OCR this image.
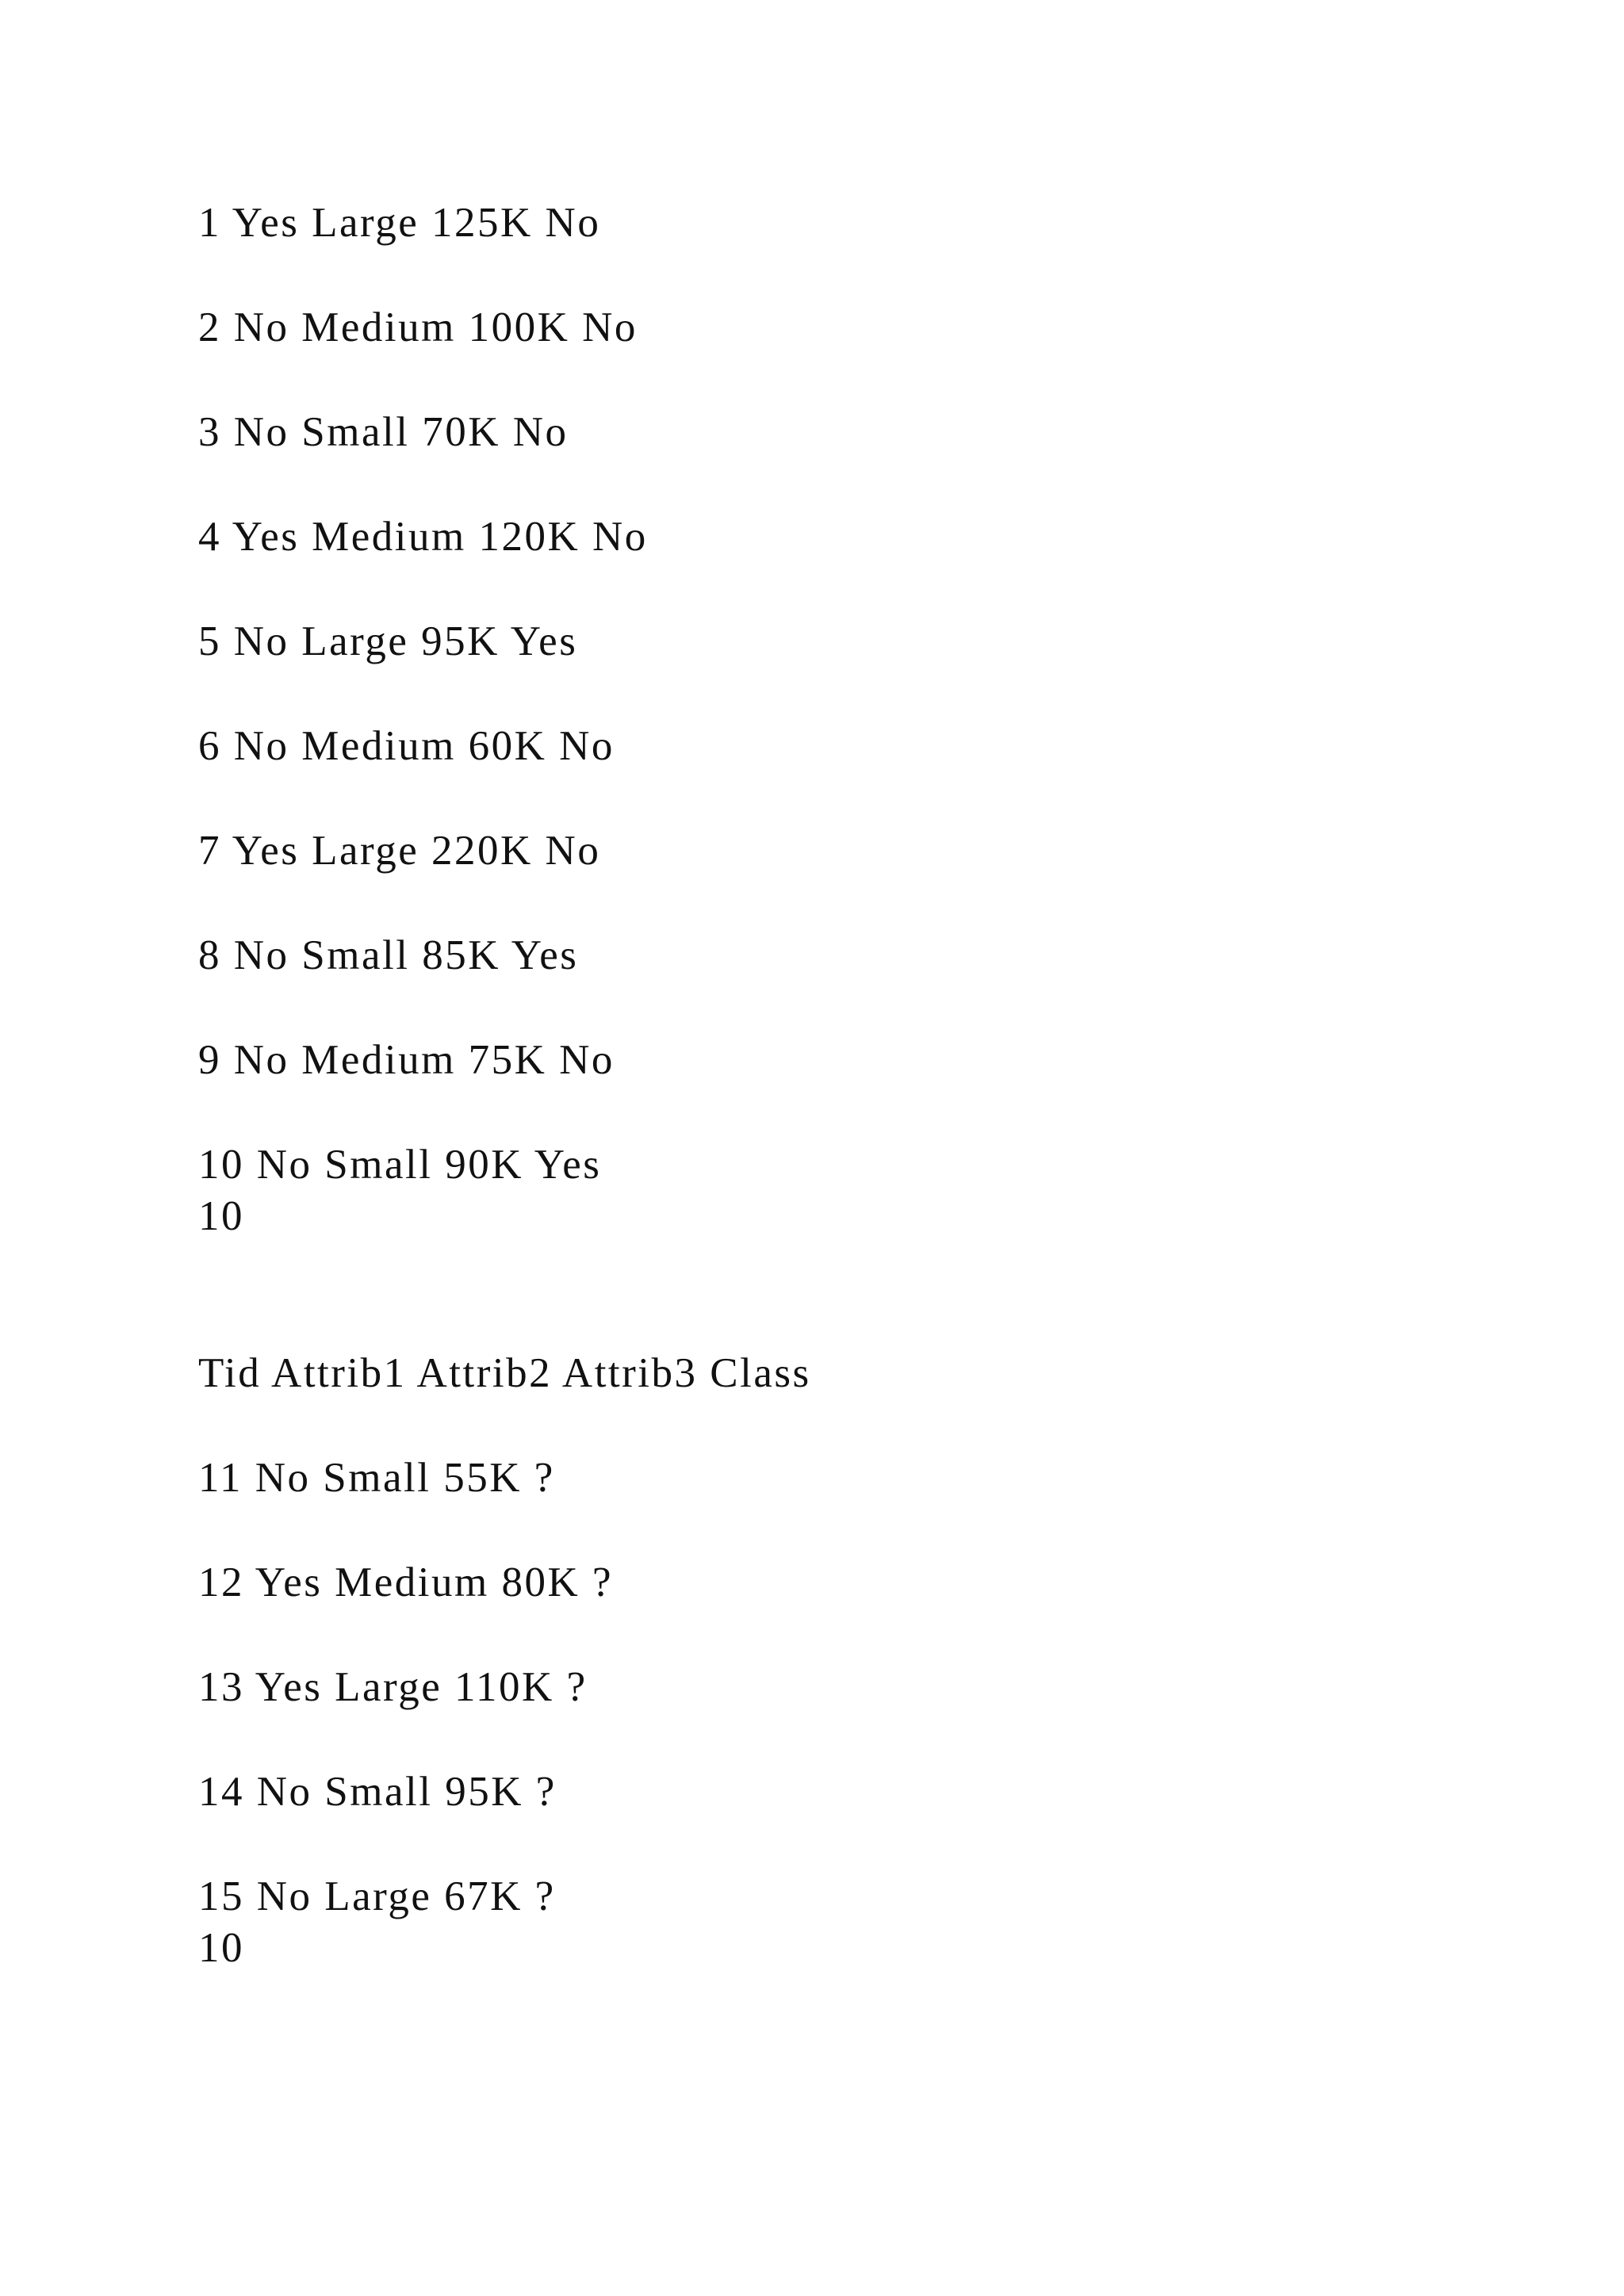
1 Yes Large 125K No
2 No Medium 100K No
3 No Small 70K No
4 Yes Medium 120K No
5 No Large 95K Yes
6 No Medium 60K No
7 Yes Large 220K No
8 No Small 85K Yes
9 No Medium 75K No
10 No Small 90K Yes
10
Tid Attrib1 Attrib2 Attrib3 Class
11 No Small 55K ?
12 Yes Medium 80K ?
13 Yes Large 110K ?
14 No Small 95K ?
15 No Large 67K ?
10
